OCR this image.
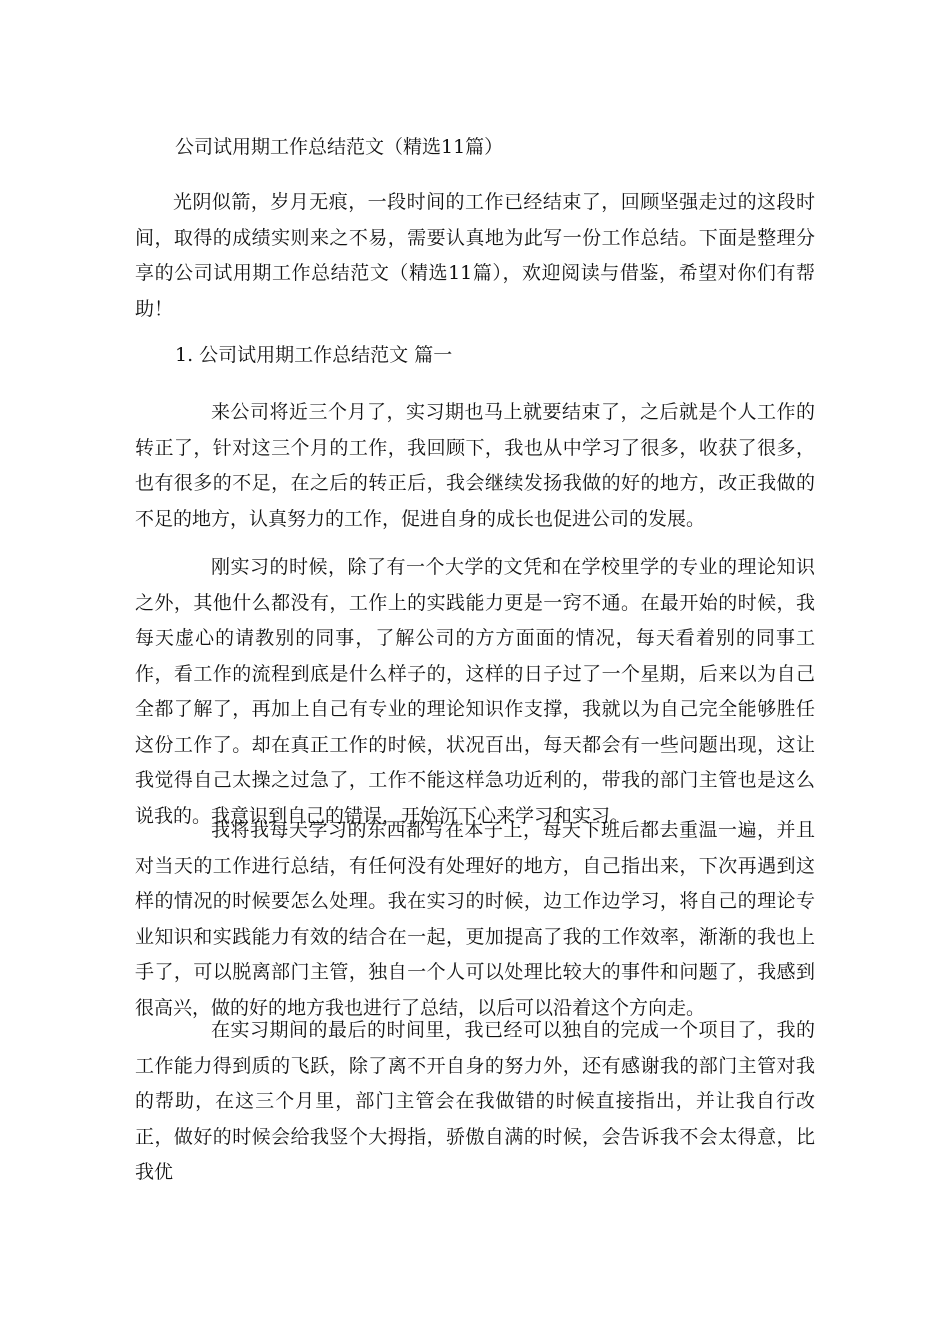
公司试用期工作总结范文（精选11篇）

光阴似箭，岁月无痕，一段时间的工作已经结束了，回顾坚强走过的这段时间，取得的成绩实则来之不易，需要认真地为此写一份工作总结。下面是整理分享的公司试用期工作总结范文（精选11篇），欢迎阅读与借鉴，希望对你们有帮助！

1. 公司试用期工作总结范文 篇一

来公司将近三个月了，实习期也马上就要结束了，之后就是个人工作的转正了，针对这三个月的工作，我回顾下，我也从中学习了很多，收获了很多，也有很多的不足，在之后的转正后，我会继续发扬我做的好的地方，改正我做的不足的地方，认真努力的工作，促进自身的成长也促进公司的发展。

刚实习的时候，除了有一个大学的文凭和在学校里学的专业的理论知识之外，其他什么都没有，工作上的实践能力更是一窍不通。在最开始的时候，我每天虚心的请教别的同事，了解公司的方方面面的情况，每天看着别的同事工作，看工作的流程到底是什么样子的，这样的日子过了一个星期，后来以为自己全都了解了，再加上自己有专业的理论知识作支撑，我就以为自己完全能够胜任这份工作了。却在真正工作的时候，状况百出，每天都会有一些问题出现，这让我觉得自己太操之过急了，工作不能这样急功近利的，带我的部门主管也是这么说我的。我意识到自己的错误，开始沉下心来学习和实习。

我将我每天学习的东西都写在本子上，每天下班后都去重温一遍，并且对当天的工作进行总结，有任何没有处理好的地方，自己指出来，下次再遇到这样的情况的时候要怎么处理。我在实习的时候，边工作边学习，将自己的理论专业知识和实践能力有效的结合在一起，更加提高了我的工作效率，渐渐的我也上手了，可以脱离部门主管，独自一个人可以处理比较大的事件和问题了，我感到很高兴，做的好的地方我也进行了总结，以后可以沿着这个方向走。

在实习期间的最后的时间里，我已经可以独自的完成一个项目了，我的工作能力得到质的飞跃，除了离不开自身的努力外，还有感谢我的部门主管对我的帮助，在这三个月里，部门主管会在我做错的时候直接指出，并让我自行改正，做好的时候会给我竖个大拇指，骄傲自满的时候，会告诉我不会太得意，比我优
